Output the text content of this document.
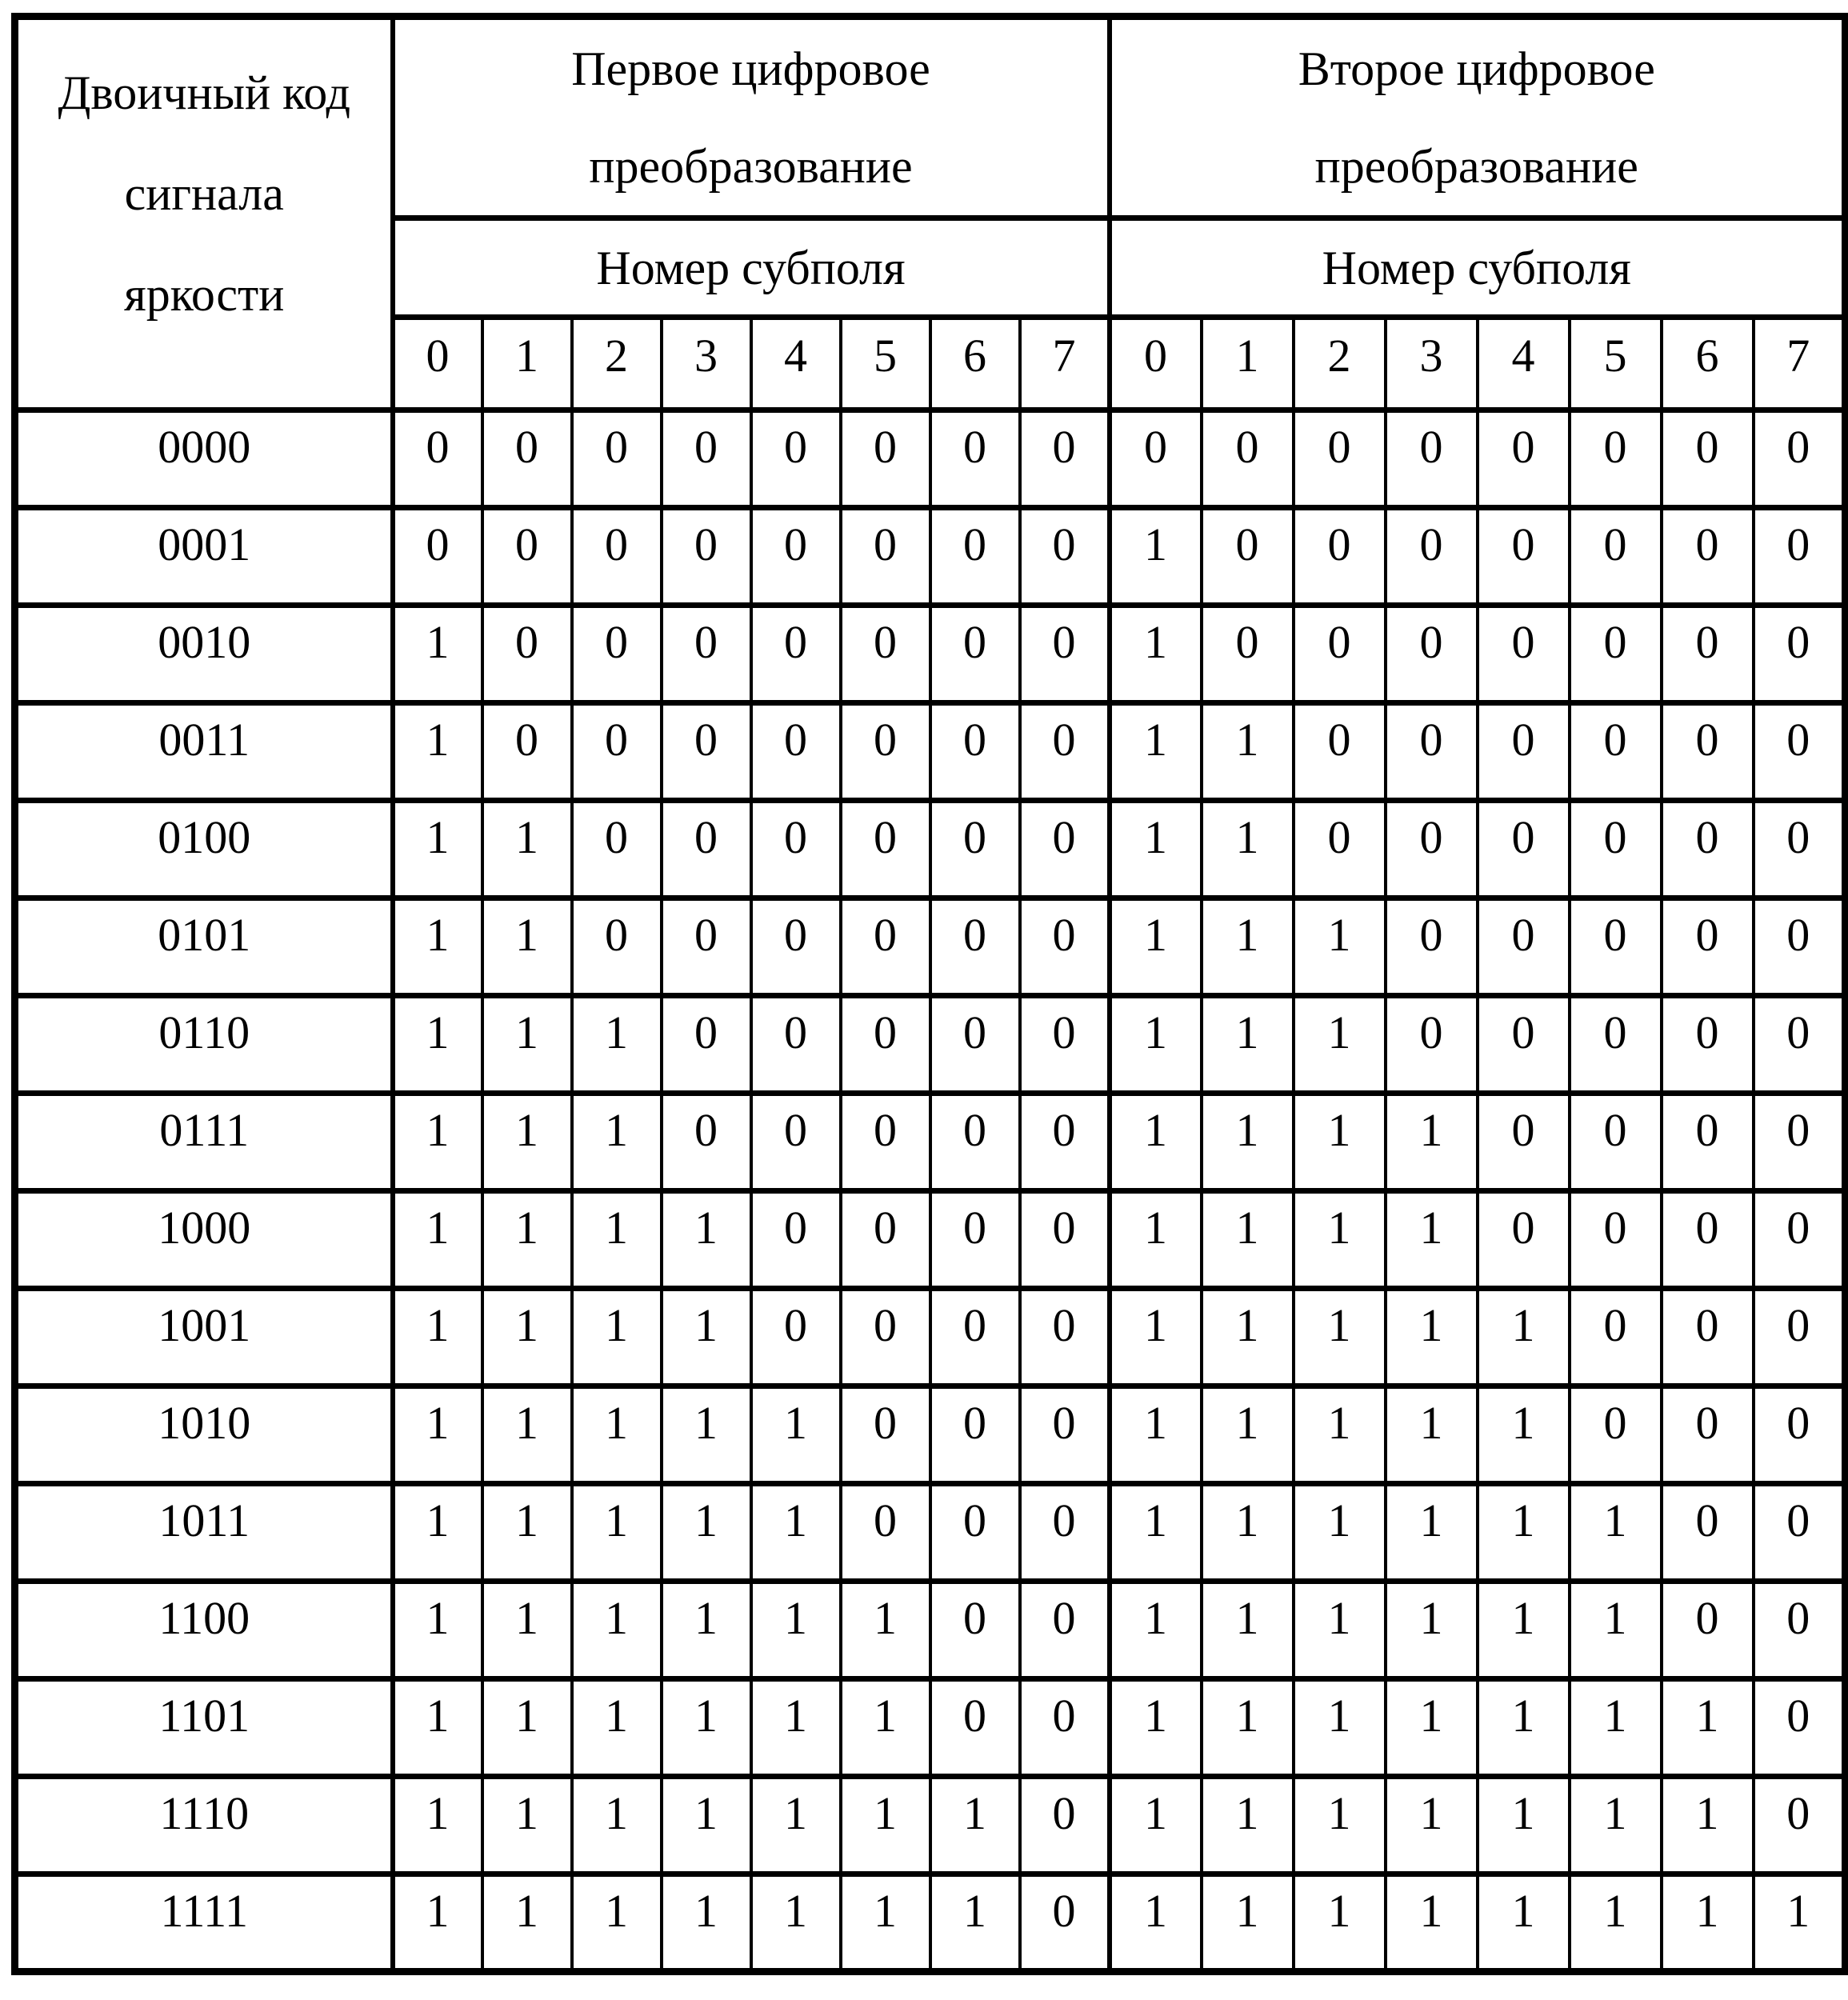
Двоичный код
сигнала
яркости

Первое цифровое
преобразование

Второе цифровое
преобразование

	Номер субполя								Номер субполя							
	0	1	2	3	4	5	6	7	0	1	2	3	4	5	6	7
0000	0	0	0	0	0	0	0	0	0	0	0	0	0	0	0	0
0001	0	0	0	0	0	0	0	0	1	0	0	0	0	0	0	0
0010	1	0	0	0	0	0	0	0	1	0	0	0	0	0	0	0
0011	1	0	0	0	0	0	0	0	1	1	0	0	0	0	0	0
0100	1	1	0	0	0	0	0	0	1	1	0	0	0	0	0	0
0101	1	1	0	0	0	0	0	0	1	1	1	0	0	0	0	0
0110	1	1	1	0	0	0	0	0	1	1	1	0	0	0	0	0
0111	1	1	1	0	0	0	0	0	1	1	1	1	0	0	0	0
1000	1	1	1	1	0	0	0	0	1	1	1	1	0	0	0	0
1001	1	1	1	1	0	0	0	0	1	1	1	1	1	0	0	0
1010	1	1	1	1	1	0	0	0	1	1	1	1	1	0	0	0
1011	1	1	1	1	1	0	0	0	1	1	1	1	1	1	0	0
1100	1	1	1	1	1	1	0	0	1	1	1	1	1	1	0	0
1101	1	1	1	1	1	1	0	0	1	1	1	1	1	1	1	0
1110	1	1	1	1	1	1	1	0	1	1	1	1	1	1	1	0
1111	1	1	1	1	1	1	1	0	1	1	1	1	1	1	1	1
